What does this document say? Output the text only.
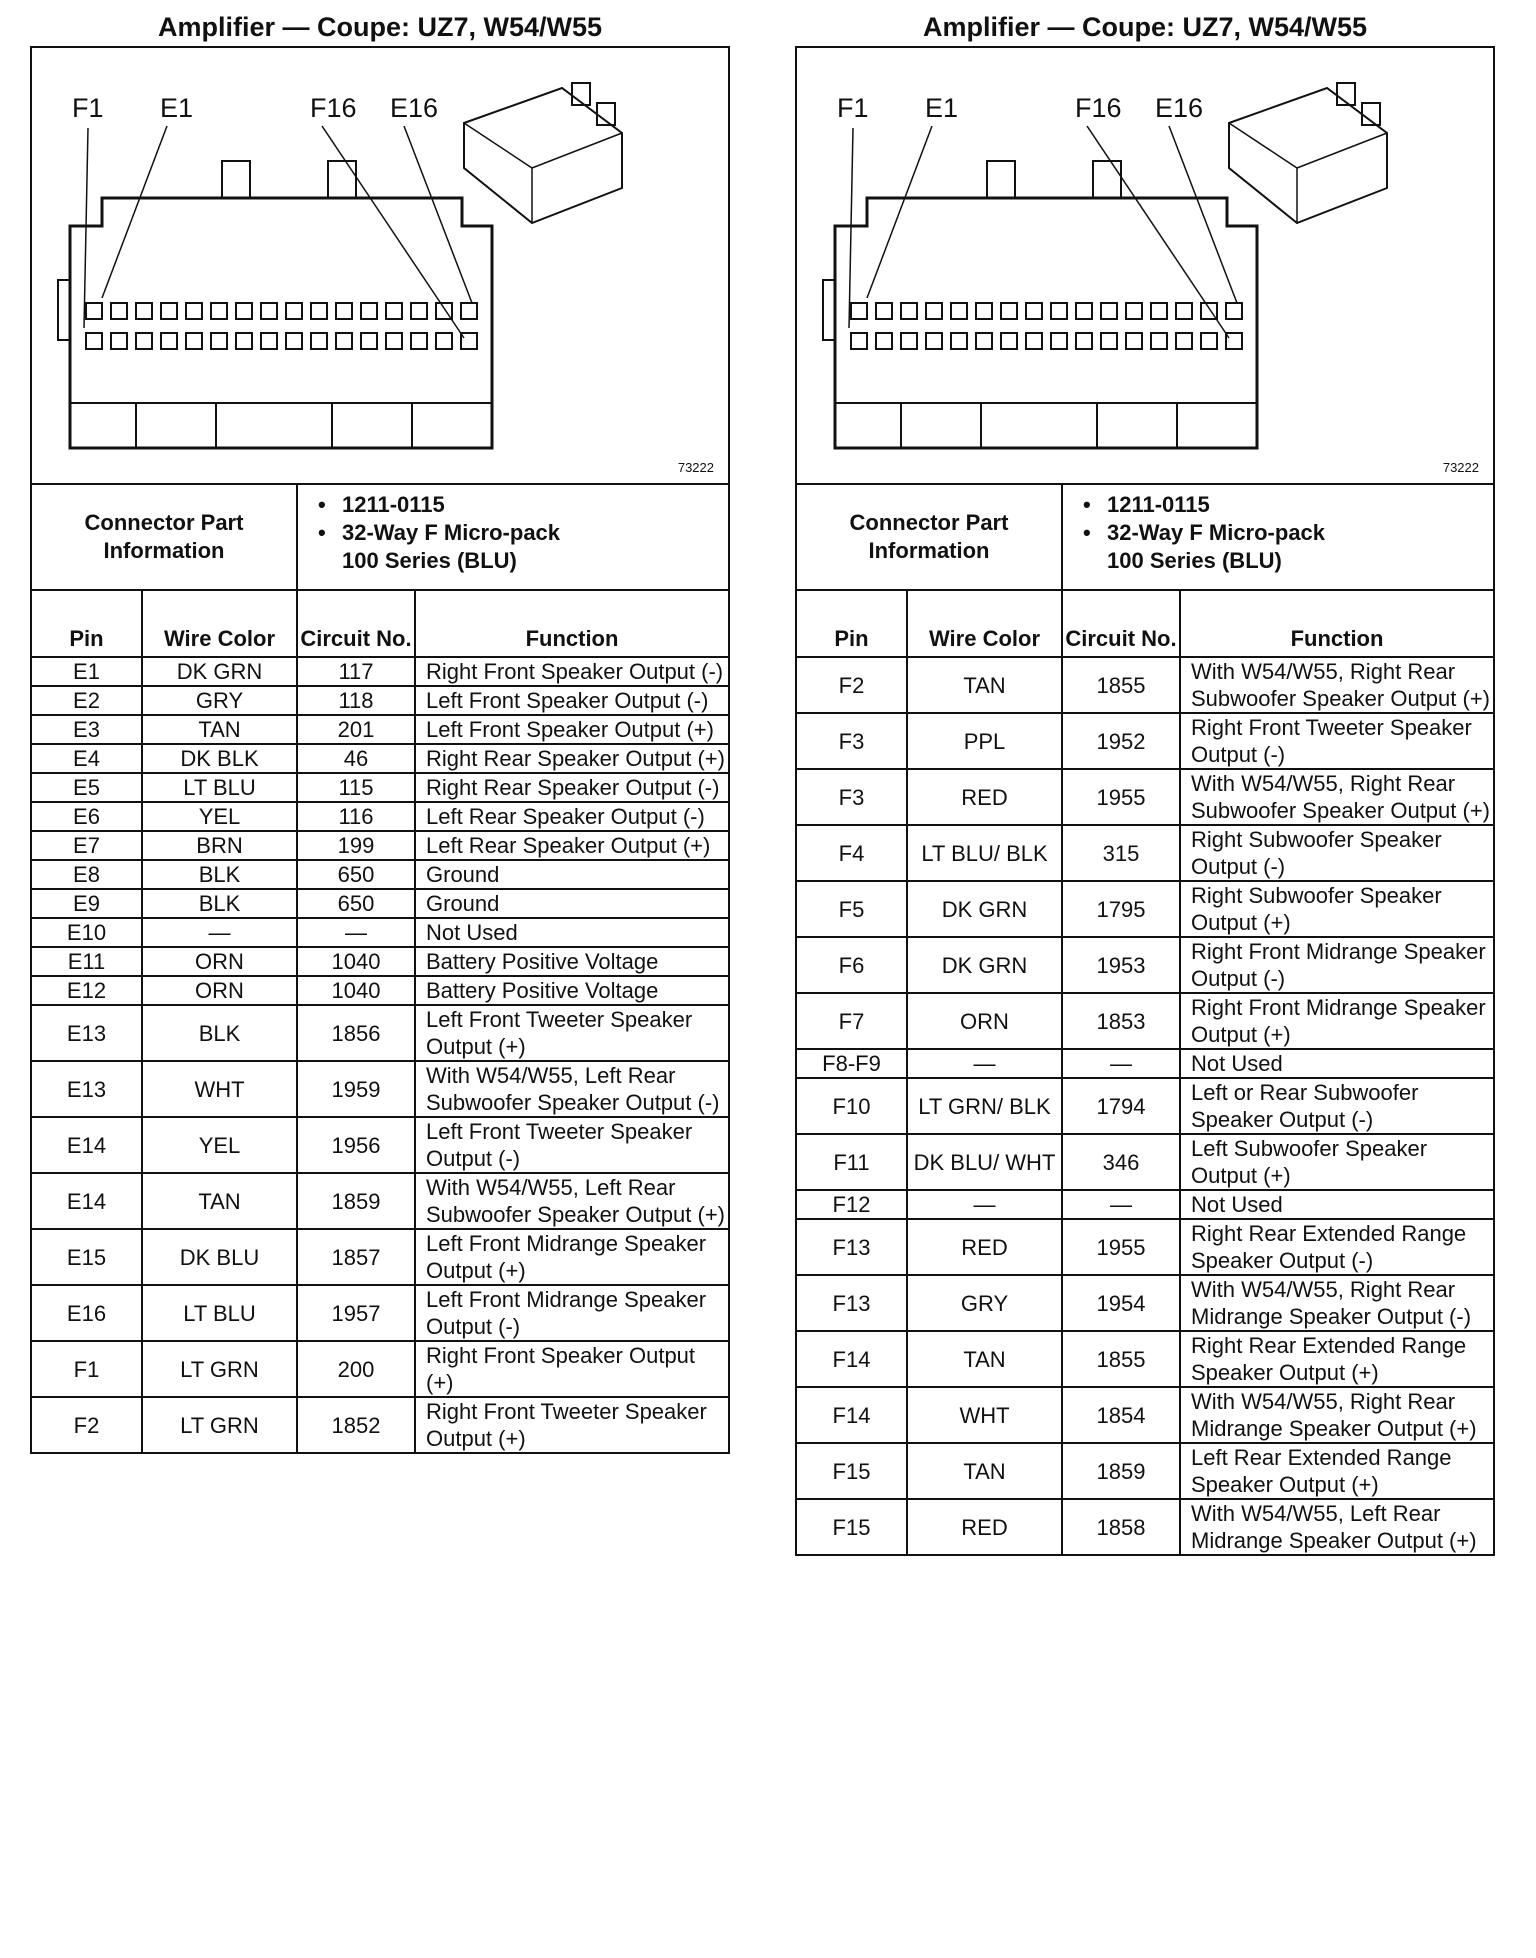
Amplifier — Coupe: UZ7, W54/W55
F1 E1	F16 E16
73222
Connector Part Information
• 1211-0115
• 32-Way F Micro-pack
100 Series (BLU)
Pin	Wire Color	Circuit No.	Function
E1	DK GRN	117	Right Front Speaker Output (-)
E2	GRY	118	Left Front Speaker Output (-)
E3	TAN	201	Left Front Speaker Output (+)
E4	DK BLK	46	Right Rear Speaker Output (+)
E5	LT BLU	115	Right Rear Speaker Output (-)
E6	YEL	116	Left Rear Speaker Output (-)
E7	BRN	199	Left Rear Speaker Output (+)
E8	BLK	650	Ground
E9	BLK	650	Ground
E10	—	—	Not Used
E11	ORN	1040	Battery Positive Voltage
E12	ORN	1040	Battery Positive Voltage
E13	BLK	1856	Left Front Tweeter Speaker Output (+)
E13	WHT	1959	With W54/W55, Left Rear Subwoofer Speaker Output (-)
E14	YEL	1956	Left Front Tweeter Speaker Output (-)
E14	TAN	1859	With W54/W55, Left Rear Subwoofer Speaker Output (+)
E15	DK BLU	1857	Left Front Midrange Speaker Output (+)
E16	LT BLU	1957	Left Front Midrange Speaker Output (-)
F1	LT GRN	200	Right Front Speaker Output (+)
F2	LT GRN	1852	Right Front Tweeter Speaker Output (+)
Amplifier — Coupe: UZ7, W54/W55
F1 E1	F16 E16
73222
Connector Part Information
• 1211-0115
• 32-Way F Micro-pack
100 Series (BLU)
Pin	Wire Color	Circuit No.	Function
F2	TAN	1855	With W54/W55, Right Rear Subwoofer Speaker Output (+)
F3	PPL	1952	Right Front Tweeter Speaker Output (-)
F3	RED	1955	With W54/W55, Right Rear Subwoofer Speaker Output (+)
F4	LT BLU/ BLK	315	Right Subwoofer Speaker Output (-)
F5	DK GRN	1795	Right Subwoofer Speaker Output (+)
F6	DK GRN	1953	Right Front Midrange Speaker Output (-)
F7	ORN	1853	Right Front Midrange Speaker Output (+)
F8-F9	—	—	Not Used
F10	LT GRN/ BLK	1794	Left or Rear Subwoofer Speaker Output (-)
F11	DK BLU/ WHT	346	Left Subwoofer Speaker Output (+)
F12	—	—	Not Used
F13	RED	1955	Right Rear Extended Range Speaker Output (-)
F13	GRY	1954	With W54/W55, Right Rear Midrange Speaker Output (-)
F14	TAN	1855	Right Rear Extended Range Speaker Output (+)
F14	WHT	1854	With W54/W55, Right Rear Midrange Speaker Output (+)
F15	TAN	1859	Left Rear Extended Range Speaker Output (+)
F15	RED	1858	With W54/W55, Left Rear Midrange Speaker Output (+)
